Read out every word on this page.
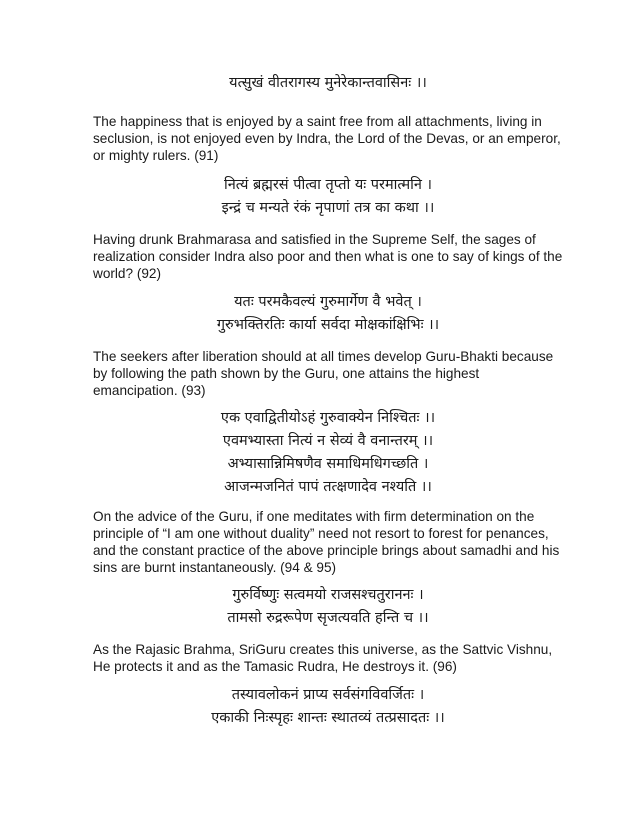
यत्सुखं वीतरागस्य मुनेरेकान्तवासिनः ।।

The happiness that is enjoyed by a saint free from all attachments, living in seclusion, is not enjoyed even by Indra, the Lord of the Devas, or an emperor, or mighty rulers. (91)

नित्यं ब्रह्मरसं पीत्वा तृप्तो यः परमात्मनि ।
इन्द्रं च मन्यते रंकं नृपाणां तत्र का कथा ।।

Having drunk Brahmarasa and satisfied in the Supreme Self, the sages of realization consider Indra also poor and then what is one to say of kings of the world? (92)

यतः परमकैवल्यं गुरुमार्गेण वै भवेत् ।
गुरुभक्तिरतिः कार्या सर्वदा मोक्षकांक्षिभिः ।।

The seekers after liberation should at all times develop Guru-Bhakti because by following the path shown by the Guru, one attains the highest emancipation. (93)

एक एवाद्वितीयोऽहं गुरुवाक्येन निश्चितः ।।
एवमभ्यास्ता नित्यं न सेव्यं वै वनान्तरम् ।।
अभ्यासान्निमिषणैव समाधिमधिगच्छति ।
आजन्मजनितं पापं तत्क्षणादेव नश्यति ।।

On the advice of the Guru, if one meditates with firm determination on the principle of “I am one without duality” need not resort to forest for penances, and the constant practice of the above principle brings about samadhi and his sins are burnt instantaneously. (94 & 95)

गुरुर्विष्णुः सत्वमयो राजसश्चतुराननः ।
तामसो रुद्ररूपेण सृजत्यवति हन्ति च ।।

As the Rajasic Brahma, SriGuru creates this universe, as the Sattvic Vishnu, He protects it and as the Tamasic Rudra, He destroys it. (96)

तस्यावलोकनं प्राप्य सर्वसंगविवर्जितः ।
एकाकी निःस्पृहः शान्तः स्थातव्यं तत्प्रसादतः ।।
